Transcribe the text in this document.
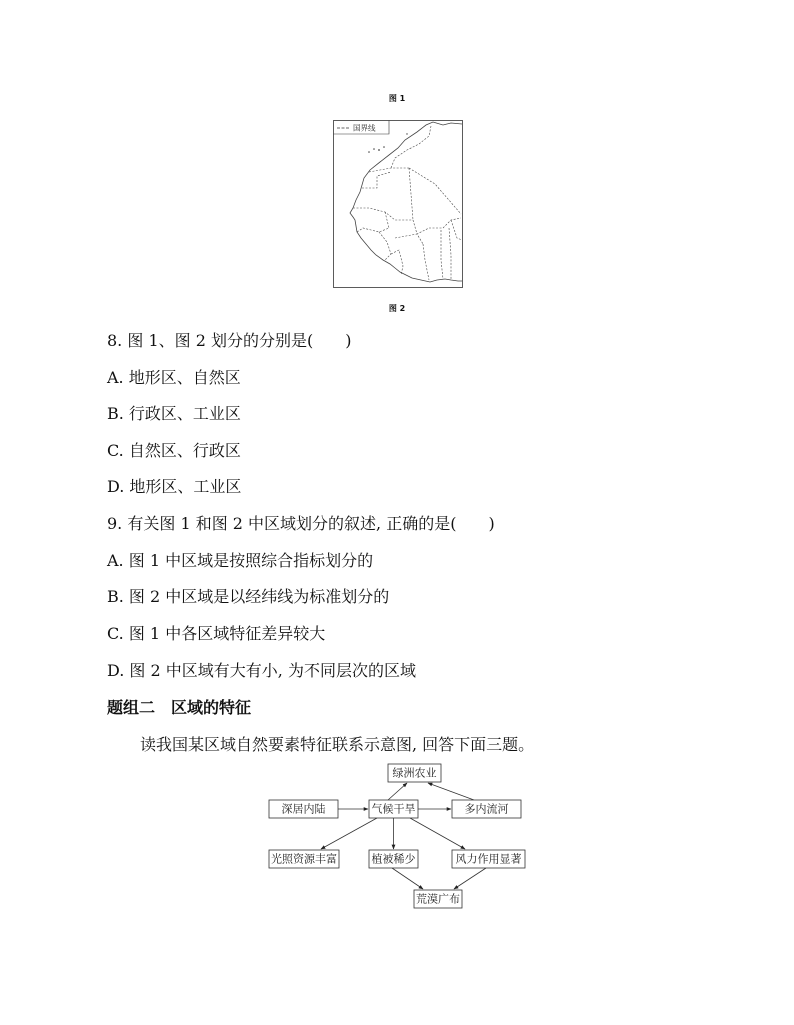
图 1
国界线
图 2
8. 图 1、图 2 划分的分别是(　　)
A. 地形区、自然区
B. 行政区、工业区
C. 自然区、行政区
D. 地形区、工业区
9. 有关图 1 和图 2 中区域划分的叙述, 正确的是(　　)
A. 图 1 中区域是按照综合指标划分的
B. 图 2 中区域是以经纬线为标准划分的
C. 图 1 中各区域特征差异较大
D. 图 2 中区域有大有小, 为不同层次的区域
题组二　区域的特征
读我国某区域自然要素特征联系示意图, 回答下面三题。
绿洲农业
深居内陆	气候干旱	多内流河
光照资源丰富	植被稀少	风力作用显著
荒漠广布
